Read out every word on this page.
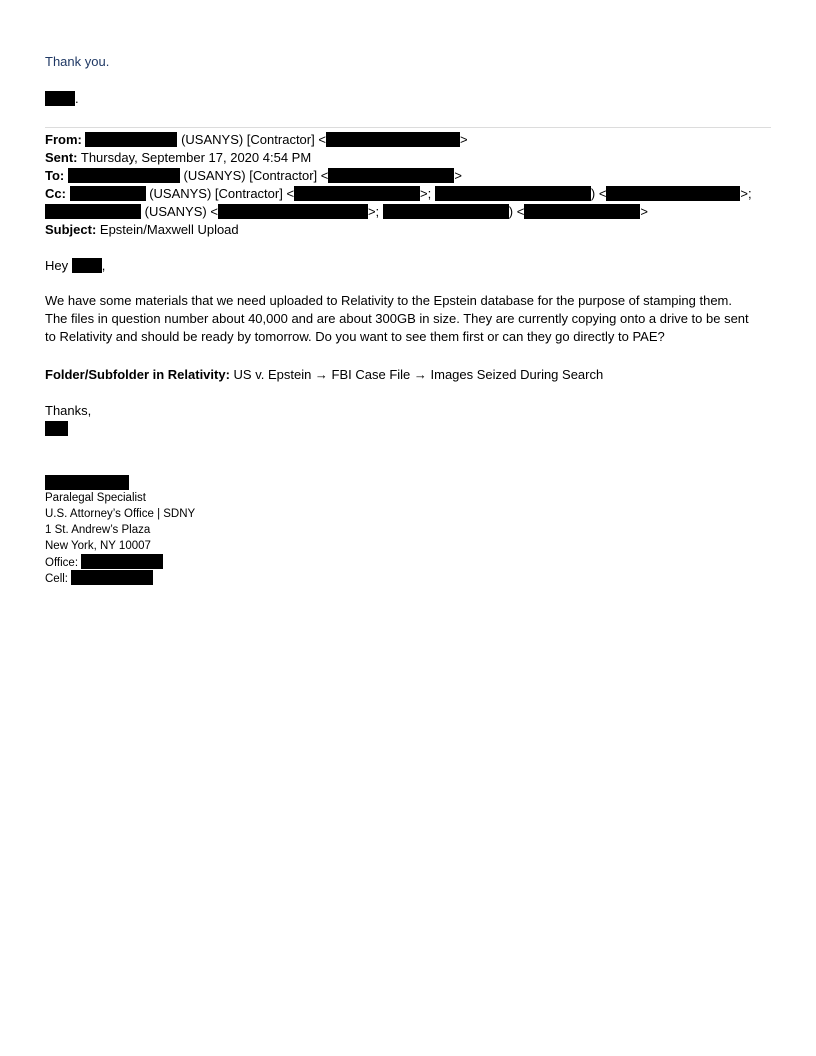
Thank you.
.
From:	(USANYS) [Contractor] <	>
Sent: Thursday, September 17, 2020 4:54 PM
To:	(USANYS) [Contractor] <	>
Cc:	(USANYS) [Contractor] <	>;	) <	>;
(USANYS) <	>;	) <	>
Subject: Epstein/Maxwell Upload
Hey ,
We have some materials that we need uploaded to Relativity to the Epstein database for the purpose of stamping them.
The files in question number about 40,000 and are about 300GB in size. They are currently copying onto a drive to be sent
to Relativity and should be ready by tomorrow. Do you want to see them first or can they go directly to PAE?
Folder/Subfolder in Relativity: US v. Epstein → FBI Case File → Images Seized During Search
Thanks,
Paralegal Specialist
U.S. Attorney’s Office | SDNY
1 St. Andrew’s Plaza
New York, NY 10007
Office:
Cell:
